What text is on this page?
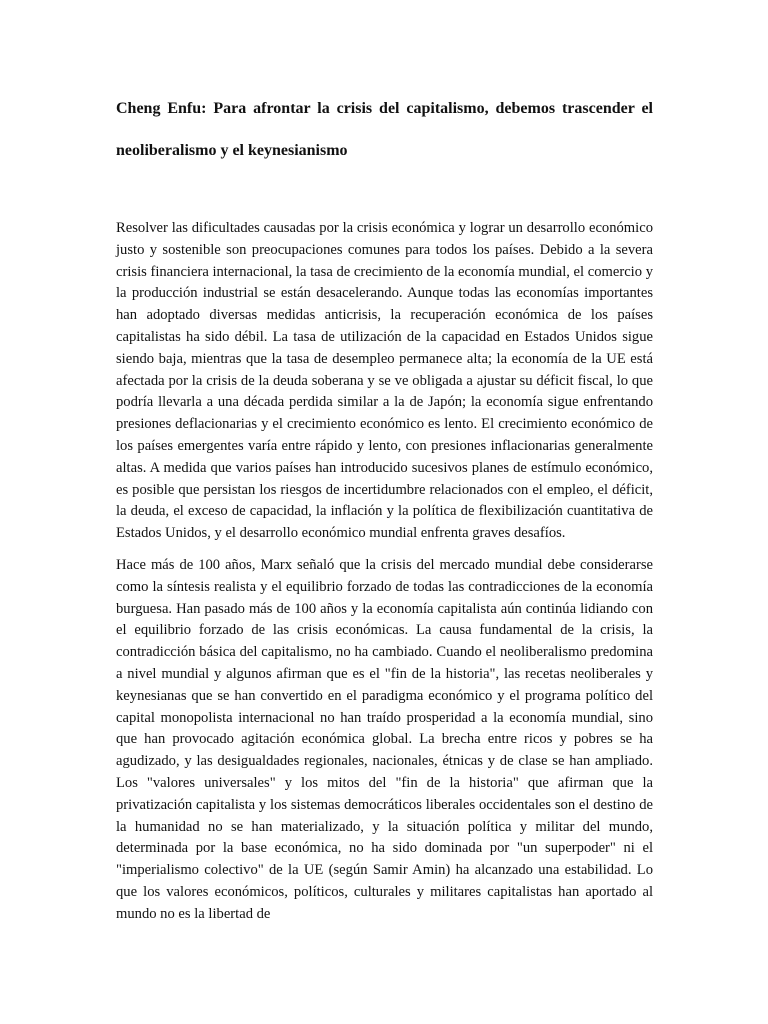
Cheng Enfu: Para afrontar la crisis del capitalismo, debemos trascender el neoliberalismo y el keynesianismo

Resolver las dificultades causadas por la crisis económica y lograr un desarrollo económico justo y sostenible son preocupaciones comunes para todos los países. Debido a la severa crisis financiera internacional, la tasa de crecimiento de la economía mundial, el comercio y la producción industrial se están desacelerando. Aunque todas las economías importantes han adoptado diversas medidas anticrisis, la recuperación económica de los países capitalistas ha sido débil. La tasa de utilización de la capacidad en Estados Unidos sigue siendo baja, mientras que la tasa de desempleo permanece alta; la economía de la UE está afectada por la crisis de la deuda soberana y se ve obligada a ajustar su déficit fiscal, lo que podría llevarla a una década perdida similar a la de Japón; la economía sigue enfrentando presiones deflacionarias y el crecimiento económico es lento. El crecimiento económico de los países emergentes varía entre rápido y lento, con presiones inflacionarias generalmente altas. A medida que varios países han introducido sucesivos planes de estímulo económico, es posible que persistan los riesgos de incertidumbre relacionados con el empleo, el déficit, la deuda, el exceso de capacidad, la inflación y la política de flexibilización cuantitativa de Estados Unidos, y el desarrollo económico mundial enfrenta graves desafíos.

Hace más de 100 años, Marx señaló que la crisis del mercado mundial debe considerarse como la síntesis realista y el equilibrio forzado de todas las contradicciones de la economía burguesa. Han pasado más de 100 años y la economía capitalista aún continúa lidiando con el equilibrio forzado de las crisis económicas. La causa fundamental de la crisis, la contradicción básica del capitalismo, no ha cambiado. Cuando el neoliberalismo predomina a nivel mundial y algunos afirman que es el "fin de la historia", las recetas neoliberales y keynesianas que se han convertido en el paradigma económico y el programa político del capital monopolista internacional no han traído prosperidad a la economía mundial, sino que han provocado agitación económica global. La brecha entre ricos y pobres se ha agudizado, y las desigualdades regionales, nacionales, étnicas y de clase se han ampliado. Los "valores universales" y los mitos del "fin de la historia" que afirman que la privatización capitalista y los sistemas democráticos liberales occidentales son el destino de la humanidad no se han materializado, y la situación política y militar del mundo, determinada por la base económica, no ha sido dominada por "un superpoder" ni el "imperialismo colectivo" de la UE (según Samir Amin) ha alcanzado una estabilidad. Lo que los valores económicos, políticos, culturales y militares capitalistas han aportado al mundo no es la libertad de
